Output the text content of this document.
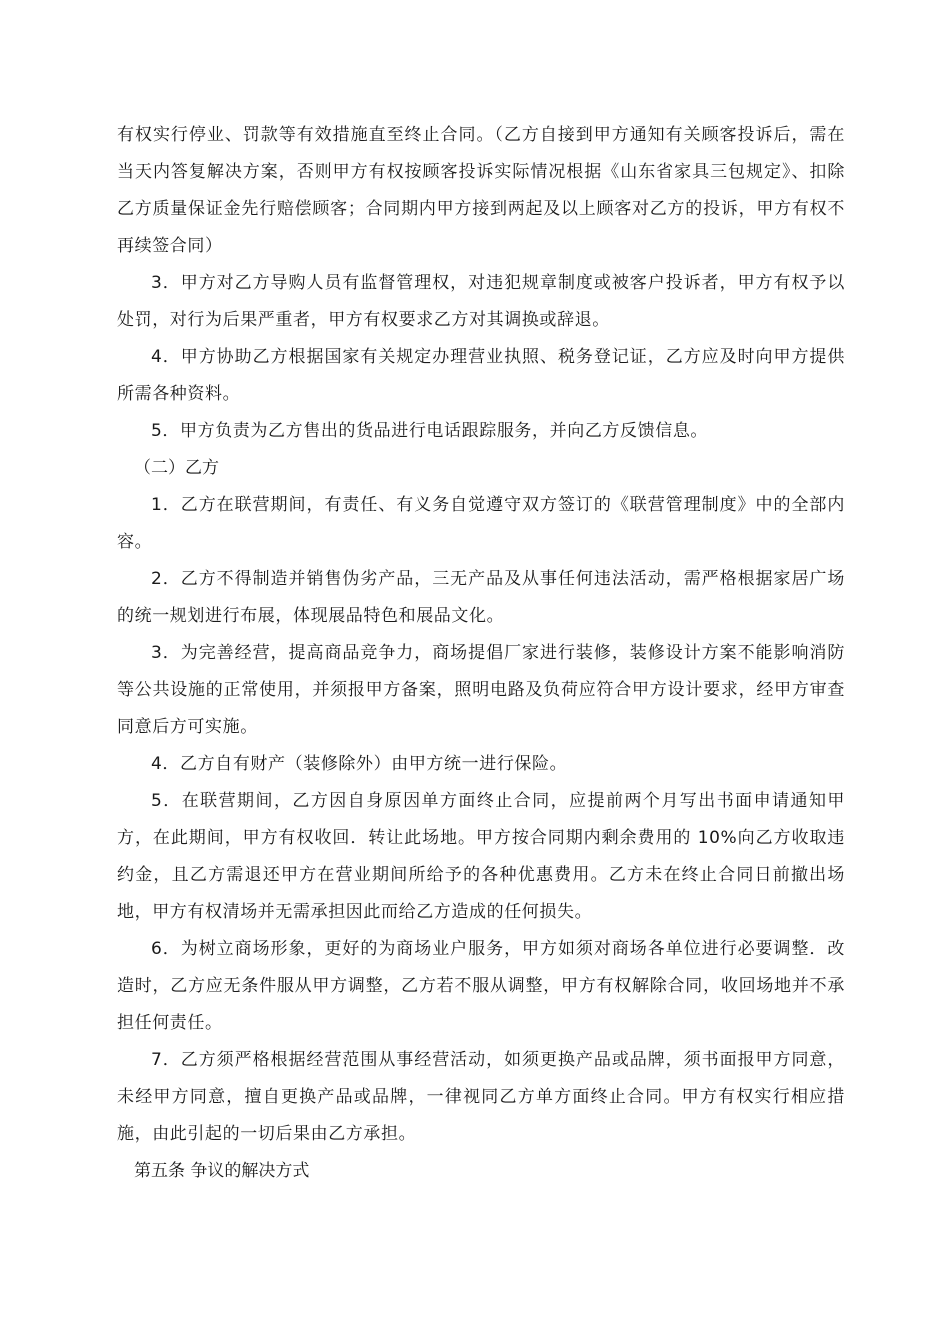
有权实行停业、罚款等有效措施直至终止合同。（乙方自接到甲方通知有关顾客投诉后，需在当天内答复解决方案，否则甲方有权按顾客投诉实际情况根据《山东省家具三包规定》、扣除乙方质量保证金先行赔偿顾客；合同期内甲方接到两起及以上顾客对乙方的投诉，甲方有权不再续签合同）

3．甲方对乙方导购人员有监督管理权，对违犯规章制度或被客户投诉者，甲方有权予以处罚，对行为后果严重者，甲方有权要求乙方对其调换或辞退。

4．甲方协助乙方根据国家有关规定办理营业执照、税务登记证，乙方应及时向甲方提供所需各种资料。

5．甲方负责为乙方售出的货品进行电话跟踪服务，并向乙方反馈信息。

（二）乙方

1．乙方在联营期间，有责任、有义务自觉遵守双方签订的《联营管理制度》中的全部内容。

2．乙方不得制造并销售伪劣产品，三无产品及从事任何违法活动，需严格根据家居广场的统一规划进行布展，体现展品特色和展品文化。

3．为完善经营，提高商品竞争力，商场提倡厂家进行装修，装修设计方案不能影响消防等公共设施的正常使用，并须报甲方备案，照明电路及负荷应符合甲方设计要求，经甲方审查同意后方可实施。

4．乙方自有财产（装修除外）由甲方统一进行保险。

5．在联营期间，乙方因自身原因单方面终止合同，应提前两个月写出书面申请通知甲方，在此期间，甲方有权收回．转让此场地。甲方按合同期内剩余费用的 10%向乙方收取违约金，且乙方需退还甲方在营业期间所给予的各种优惠费用。乙方未在终止合同日前撤出场地，甲方有权清场并无需承担因此而给乙方造成的任何损失。

6．为树立商场形象，更好的为商场业户服务，甲方如须对商场各单位进行必要调整．改造时，乙方应无条件服从甲方调整，乙方若不服从调整，甲方有权解除合同，收回场地并不承担任何责任。

7．乙方须严格根据经营范围从事经营活动，如须更换产品或品牌，须书面报甲方同意，未经甲方同意，擅自更换产品或品牌，一律视同乙方单方面终止合同。甲方有权实行相应措施，由此引起的一切后果由乙方承担。

第五条 争议的解决方式
